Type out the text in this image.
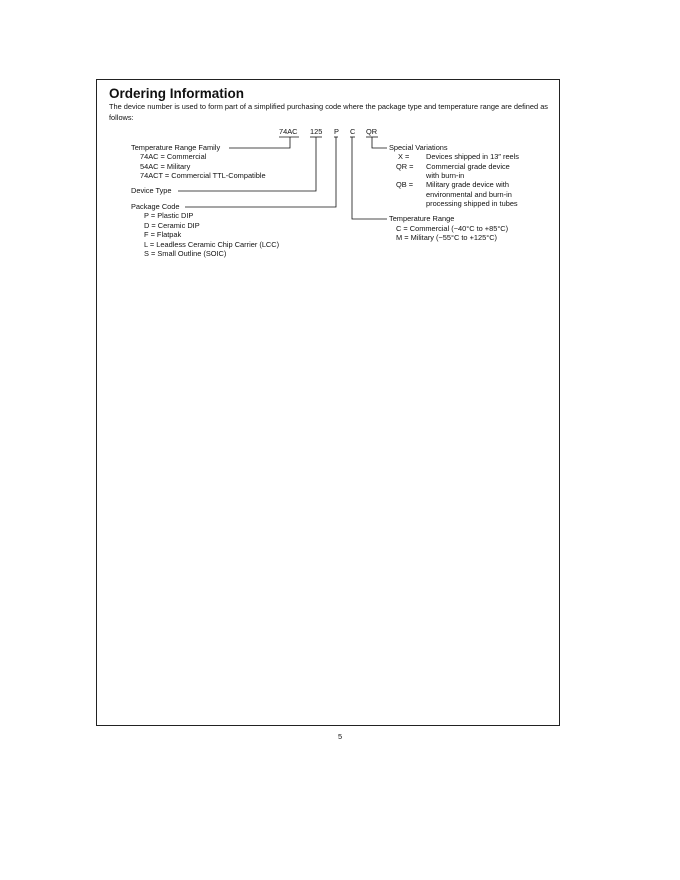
Ordering Information

The device number is used to form part of a simplified purchasing code where the package type and temperature range are defined as follows:

74AC 125 P C QR
Temperature Range Family
74AC = Commercial
54AC = Military
74ACT = Commercial TTL-Compatible
Device Type
Package Code
P = Plastic DIP
D = Ceramic DIP
F = Flatpak
L = Leadless Ceramic Chip Carrier (LCC)
S = Small Outline (SOIC)
Special Variations
X = Devices shipped in 13″ reels
QR = Commercial grade device
with burn-in
QB = Military grade device with
environmental and burn-in
processing shipped in tubes
Temperature Range
C = Commercial (−40°C to +85°C)
M = Military (−55°C to +125°C)
5
